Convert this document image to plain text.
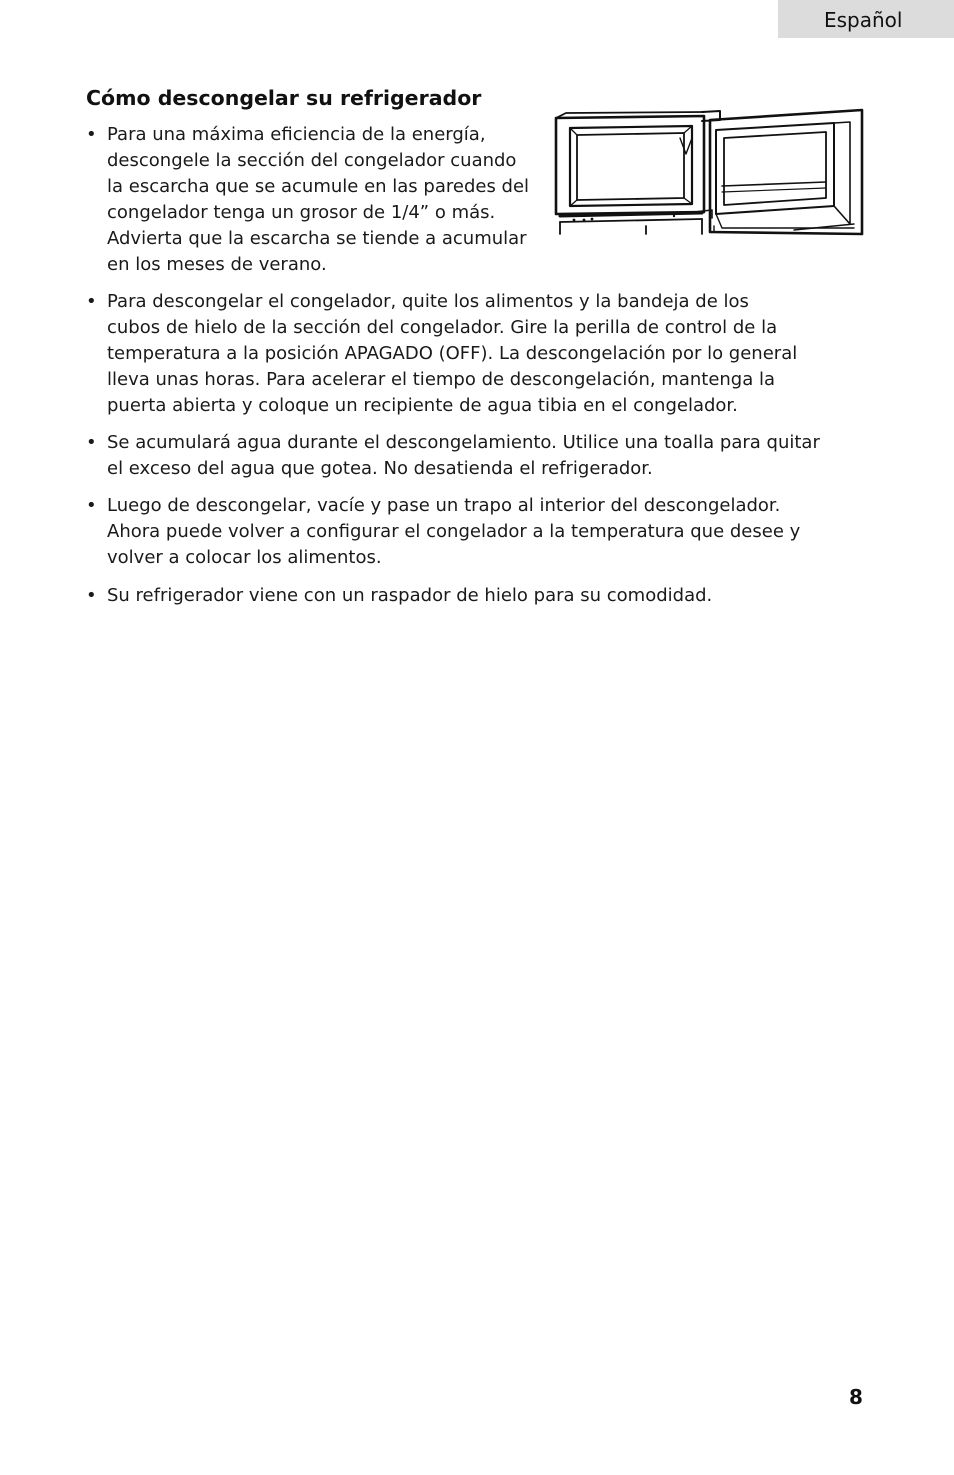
Español
Cómo descongelar su refrigerador
• Para una máxima eficiencia de la energía,
descongele la sección del congelador cuando
la escarcha que se acumule en las paredes del
congelador tenga un grosor de 1/4” o más.
Advierta que la escarcha se tiende a acumular
en los meses de verano.
• Para descongelar el congelador, quite los alimentos y la bandeja de los
cubos de hielo de la sección del congelador. Gire la perilla de control de la
temperatura a la posición APAGADO (OFF). La descongelación por lo general
lleva unas horas. Para acelerar el tiempo de descongelación, mantenga la
puerta abierta y coloque un recipiente de agua tibia en el congelador.
• Se acumulará agua durante el descongelamiento. Utilice una toalla para quitar
el exceso del agua que gotea. No desatienda el refrigerador.
• Luego de descongelar, vacíe y pase un trapo al interior del descongelador.
Ahora puede volver a configurar el congelador a la temperatura que desee y
volver a colocar los alimentos.
• Su refrigerador viene con un raspador de hielo para su comodidad.
8
